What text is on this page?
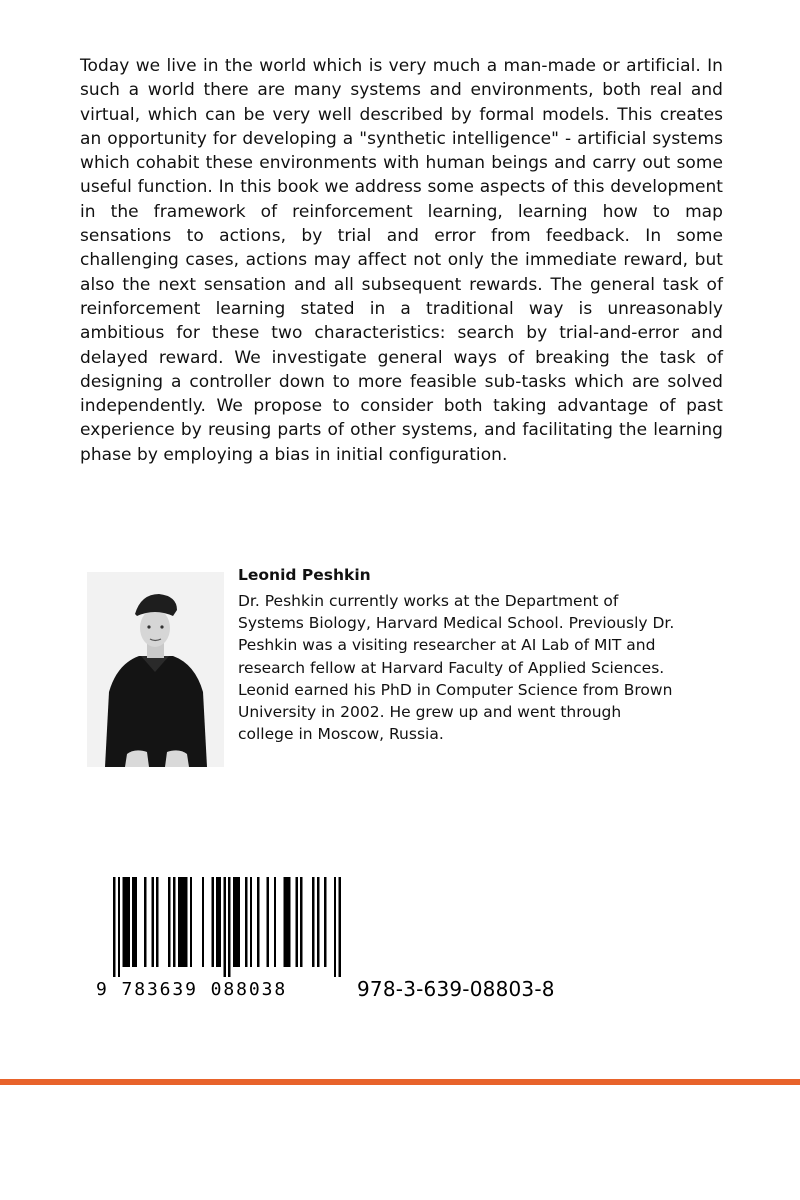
Today we live in the world which is very much a man-made or artificial. In such a world there are many systems and environments, both real and virtual, which can be very well described by formal models. This creates an opportunity for developing a "synthetic intelligence" - artificial systems which cohabit these environments with human beings and carry out some useful function. In this book we address some aspects of this development in the framework of reinforcement learning, learning how to map sensations to actions, by trial and error from feedback. In some challenging cases, actions may affect not only the immediate reward, but also the next sensation and all subsequent rewards. The general task of reinforcement learning stated in a traditional way is unreasonably ambitious for these two characteristics: search by trial-and-error and delayed reward. We investigate general ways of breaking the task of designing a controller down to more feasible sub-tasks which are solved independently. We propose to consider both taking advantage of past experience by reusing parts of other systems, and facilitating the learning phase by employing a bias in initial configuration.

Leonid Peshkin

Dr. Peshkin currently works at the Department of Systems Biology, Harvard Medical School. Previously Dr. Peshkin was a visiting researcher at AI Lab of MIT and research fellow at Harvard Faculty of Applied Sciences. Leonid earned his PhD in Computer Science from Brown University in 2002. He grew up and went through college in Moscow, Russia.

9 783639 088038	978-3-639-08803-8
